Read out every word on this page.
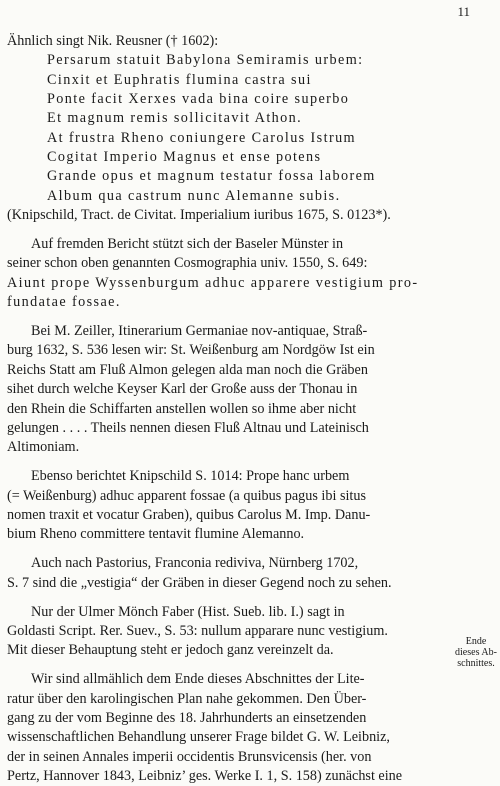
11
Ähnlich singt Nik. Reusner († 1602):
Persarum statuit Babylona Semiramis urbem:
Cinxit et Euphratis flumina castra sui
Ponte facit Xerxes vada bina coire superbo
Et magnum remis sollicitavit Athon.
At frustra Rheno coniungere Carolus Istrum
Cogitat Imperio Magnus et ense potens
Grande opus et magnum testatur fossa laborem
Album qua castrum nunc Alemanne subis.
(Knipschild, Tract. de Civitat. Imperialium iuribus 1675, S. 0123*).
Auf fremden Bericht stützt sich der Baseler Münster in
seiner schon oben genannten Cosmographia univ. 1550, S. 649:
Aiunt prope Wyssenburgum adhuc apparere vestigium pro-
fundatae fossae.
Bei M. Zeiller, Itinerarium Germaniae nov-antiquae, Straß-
burg 1632, S. 536 lesen wir: St. Weißenburg am Nordgöw Ist ein
Reichs Statt am Fluß Almon gelegen alda man noch die Gräben
sihet durch welche Keyser Karl der Große auss der Thonau in
den Rhein die Schiffarten anstellen wollen so ihme aber nicht
gelungen . . . . Theils nennen diesen Fluß Altnau und Lateinisch
Altimoniam.
Ebenso berichtet Knipschild S. 1014: Prope hanc urbem
(= Weißenburg) adhuc apparent fossae (a quibus pagus ibi situs
nomen traxit et vocatur Graben), quibus Carolus M. Imp. Danu-
bium Rheno committere tentavit flumine Alemanno.
Auch nach Pastorius, Franconia rediviva, Nürnberg 1702,
S. 7 sind die „vestigia“ der Gräben in dieser Gegend noch zu sehen.
Nur der Ulmer Mönch Faber (Hist. Sueb. lib. I.) sagt in
Goldasti Script. Rer. Suev., S. 53: nullum apparare nunc vestigium.
Mit dieser Behauptung steht er jedoch ganz vereinzelt da.
Wir sind allmählich dem Ende dieses Abschnittes der Lite-
ratur über den karolingischen Plan nahe gekommen. Den Über-
gang zu der vom Beginne des 18. Jahrhunderts an einsetzenden
wissenschaftlichen Behandlung unserer Frage bildet G. W. Leibniz,
der in seinen Annales imperii occidentis Brunsvicensis (her. von
Pertz, Hannover 1843, Leibniz’ ges. Werke I. 1, S. 158) zunächst eine
Ende
dieses Ab-
schnittes.
